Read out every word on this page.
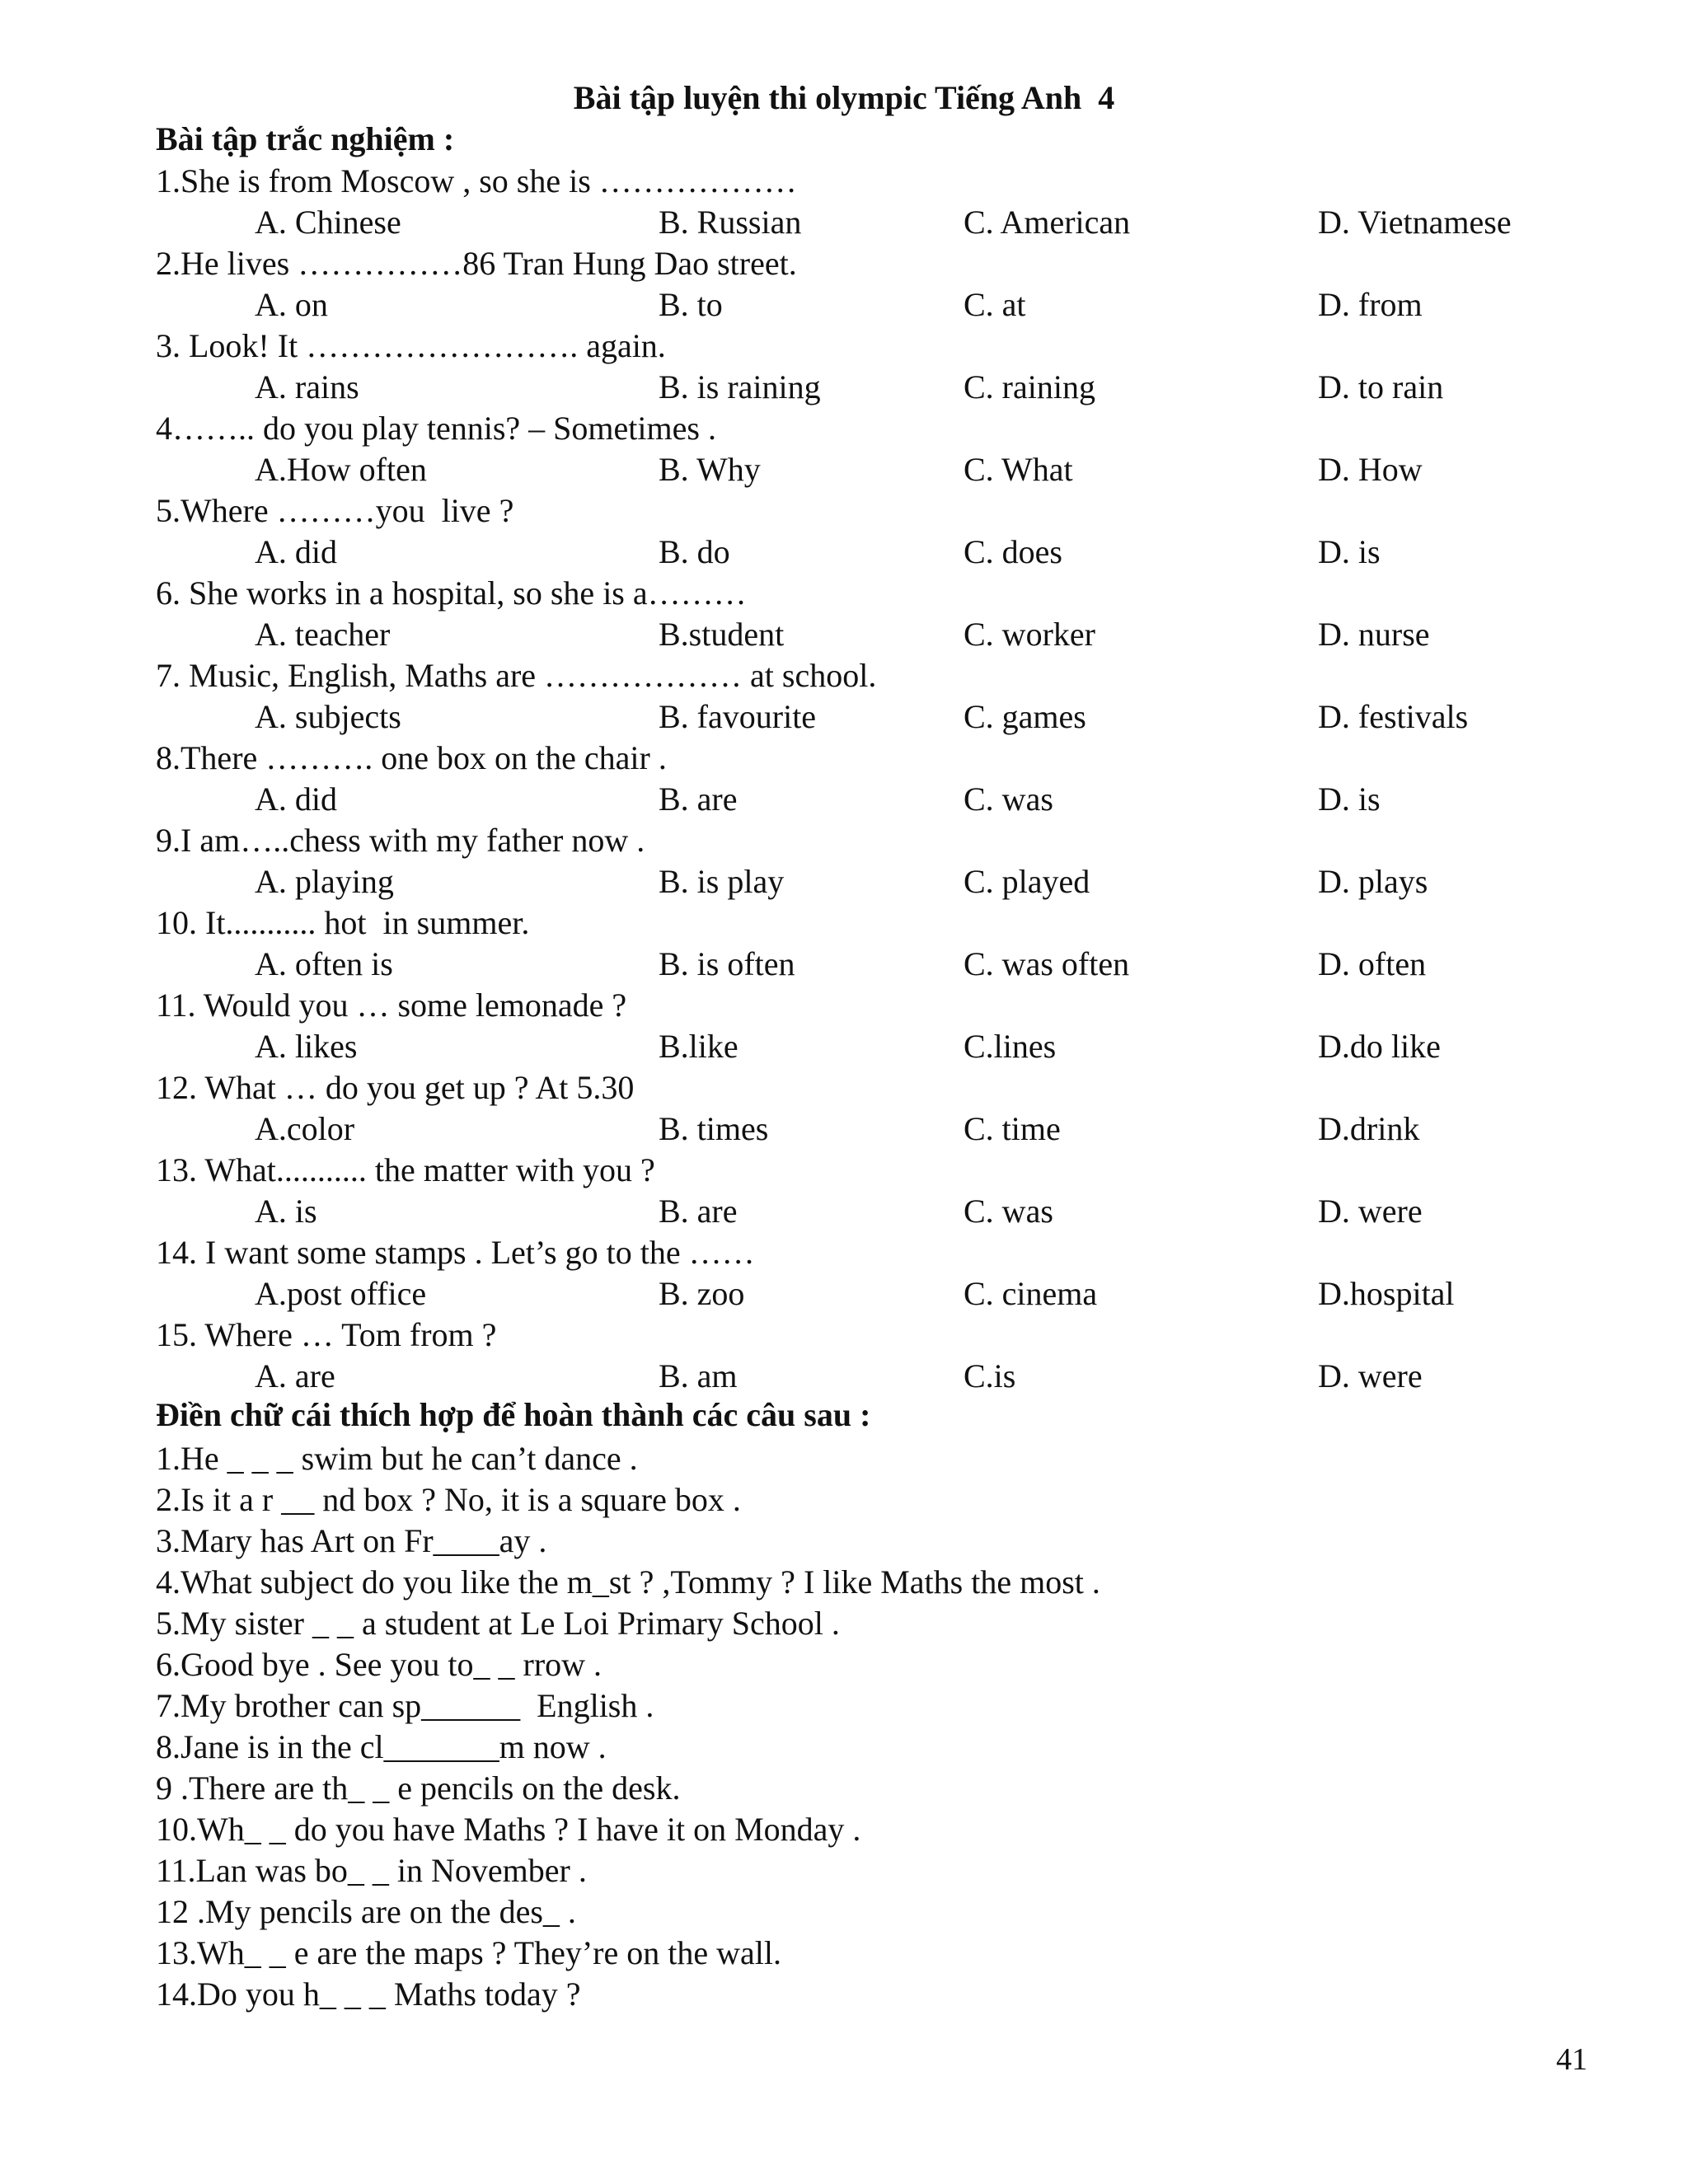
Bài tập luyện thi olympic Tiếng Anh  4
Bài tập trắc nghiệm :
1.She is from Moscow , so she is ………………
A. Chinese	B. Russian	C. American	D. Vietnamese
2.He lives ……………86 Tran Hung Dao street.
A. on	B. to	C. at	D. from
3. Look! It ……………………. again.
A. rains	B. is raining	C. raining	D. to rain
4…….. do you play tennis? – Sometimes .
A.How often	B. Why	C. What	D. How
5.Where ………you  live ?
A. did	B. do	C. does	D. is
6. She works in a hospital, so she is a………
A. teacher	B.student	C. worker	D. nurse
7. Music, English, Maths are ……………… at school.
A. subjects	B. favourite	C. games	D. festivals
8.There ………. one box on the chair .
A. did	B. are	C. was	D. is
9.I am…..chess with my father now .
A. playing	B. is play	C. played	D. plays
10. It........... hot  in summer.
A. often is	B. is often	C. was often	D. often
11. Would you … some lemonade ?
A. likes	B.like	C.lines	D.do like
12. What … do you get up ? At 5.30
A.color	B. times	C. time	D.drink
13. What........... the matter with you ?
A. is	B. are	C. was	D. were
14. I want some stamps . Let’s go to the ……
A.post office	B. zoo	C. cinema	D.hospital
15. Where … Tom from ?
A. are	B. am	C.is	D. were
Điền chữ cái thích hợp để hoàn thành các câu sau :
1.He _ _ _ swim but he can’t dance .
2.Is it a r __ nd box ? No, it is a square box .
3.Mary has Art on Fr____ay .
4.What subject do you like the m_st ? ,Tommy ? I like Maths the most .
5.My sister _ _ a student at Le Loi Primary School .
6.Good bye . See you to_ _ rrow .
7.My brother can sp______  English .
8.Jane is in the cl_______m now .
9 .There are th_ _ e pencils on the desk.
10.Wh_ _ do you have Maths ? I have it on Monday .
11.Lan was bo_ _ in November .
12 .My pencils are on the des_ .
13.Wh_ _ e are the maps ? They’re on the wall.
14.Do you h_ _ _ Maths today ?
41
